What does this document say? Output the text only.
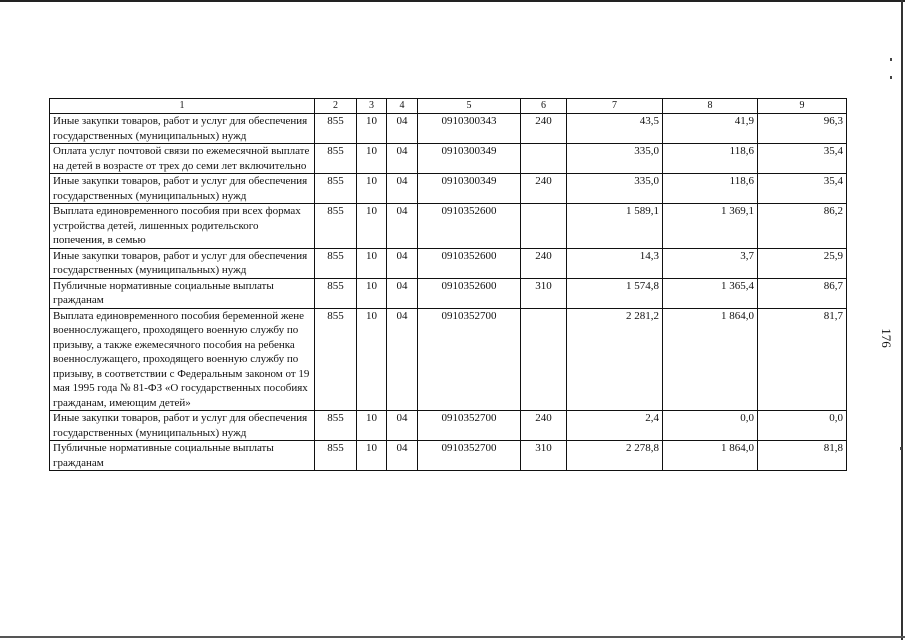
1	2	3	4	5	6	7	8	9
Иные закупки товаров, работ и услуг для обеспечения государственных (муниципальных) нужд	855	10	04	0910300343	240	43,5	41,9	96,3
Оплата услуг почтовой связи по ежемесячной выплате на детей в возрасте от трех до семи лет включительно	855	10	04	0910300349		335,0	118,6	35,4
Иные закупки товаров, работ и услуг для обеспечения государственных (муниципальных) нужд	855	10	04	0910300349	240	335,0	118,6	35,4
Выплата единовременного пособия при всех формах устройства детей, лишенных родительского попечения, в семью	855	10	04	0910352600		1 589,1	1 369,1	86,2
Иные закупки товаров, работ и услуг для обеспечения государственных (муниципальных) нужд	855	10	04	0910352600	240	14,3	3,7	25,9
Публичные нормативные социальные выплаты гражданам	855	10	04	0910352600	310	1 574,8	1 365,4	86,7
Выплата единовременного пособия беременной жене военнослужащего, проходящего военную службу по призыву, а также ежемесячного пособия на ребенка военнослужащего, проходящего военную службу по призыву, в соответствии с Федеральным законом от 19 мая 1995 года № 81-ФЗ «О государственных пособиях гражданам, имеющим детей»	855	10	04	0910352700		2 281,2	1 864,0	81,7
Иные закупки товаров, работ и услуг для обеспечения государственных (муниципальных) нужд	855	10	04	0910352700	240	2,4	0,0	0,0
Публичные нормативные социальные выплаты гражданам	855	10	04	0910352700	310	2 278,8	1 864,0	81,8
176
